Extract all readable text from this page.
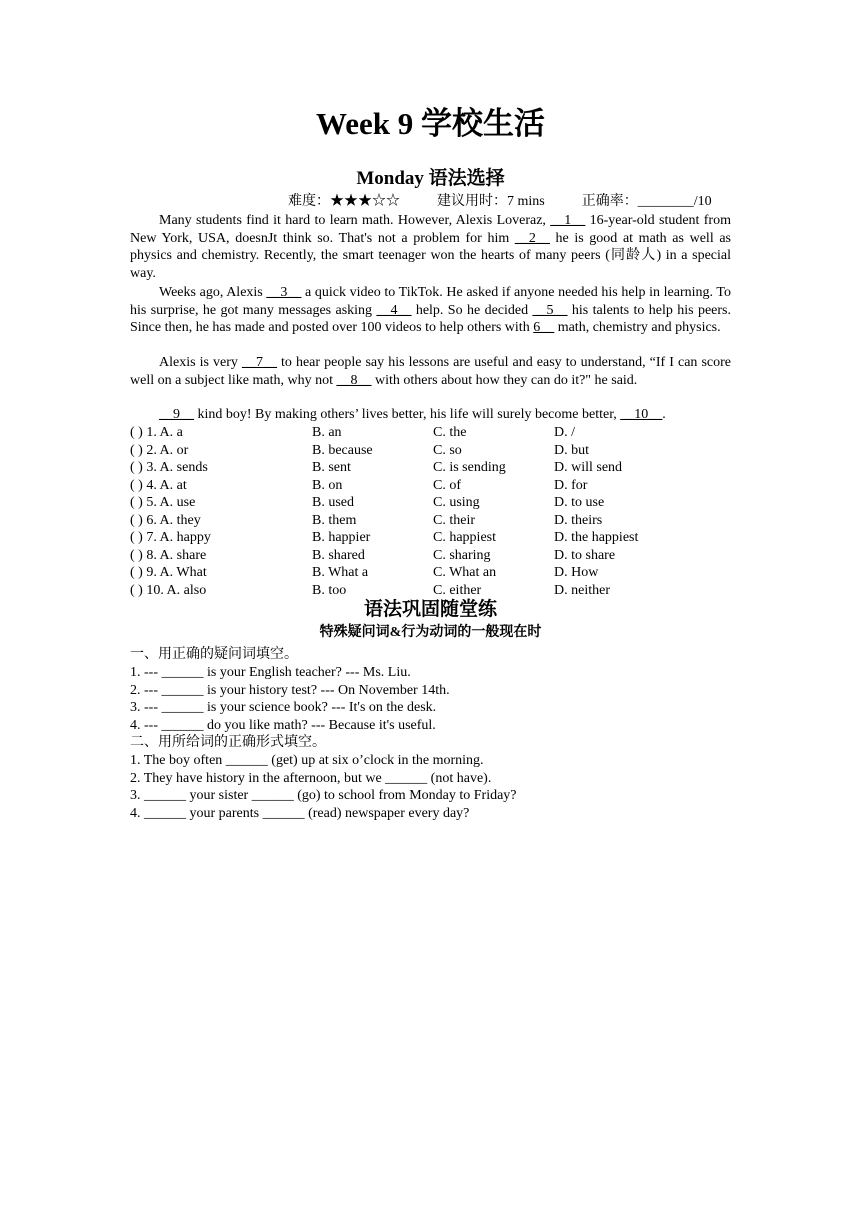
Week 9 学校生活
Monday 语法选择
难度：★★★☆☆	建议用时：7 mins	正确率：________/10
Many students find it hard to learn math. However, Alexis Loveraz, __1__ 16-year-old student from New York, USA, doesnJt think so. That's not a problem for him __2__ he is good at math as well as physics and chemistry. Recently, the smart teenager won the hearts of many peers (同龄人) in a special way.
Weeks ago, Alexis __3__ a quick video to TikTok. He asked if anyone needed his help in learning. To his surprise, he got many messages asking __4__ help. So he decided __5__ his talents to help his peers. Since then, he has made and posted over 100 videos to help others with 6__ math, chemistry and physics.
Alexis is very __7__ to hear people say his lessons are useful and easy to understand, “If I can score well on a subject like math, why not __8__ with others about how they can do it?" he said.
__9__ kind boy! By making others’ lives better, his life will surely become better, __10__.
( ) 1. A. a	B. an	C. the	D. /
( ) 2. A. or	B. because	C. so	D. but
( ) 3. A. sends	B. sent	C. is sending	D. will send
( ) 4. A. at	B. on	C. of	D. for
( ) 5. A. use	B. used	C. using	D. to use
( ) 6. A. they	B. them	C. their	D. theirs
( ) 7. A. happy	B. happier	C. happiest	D. the happiest
( ) 8. A. share	B. shared	C. sharing	D. to share
( ) 9. A. What	B. What a	C. What an	D. How
( ) 10. A. also	B. too	C. either	D. neither
语法巩固随堂练
特殊疑问词&行为动词的一般现在时
一、用正确的疑问词填空。
1. --- ______ is your English teacher? --- Ms. Liu.
2. --- ______ is your history test? --- On November 14th.
3. --- ______ is your science book? --- It's on the desk.
4. --- ______ do you like math? --- Because it's useful.
二、用所给词的正确形式填空。
1. The boy often ______ (get) up at six o’clock in the morning.
2. They have history in the afternoon, but we ______ (not have).
3. ______ your sister ______ (go) to school from Monday to Friday?
4. ______ your parents ______ (read) newspaper every day?
